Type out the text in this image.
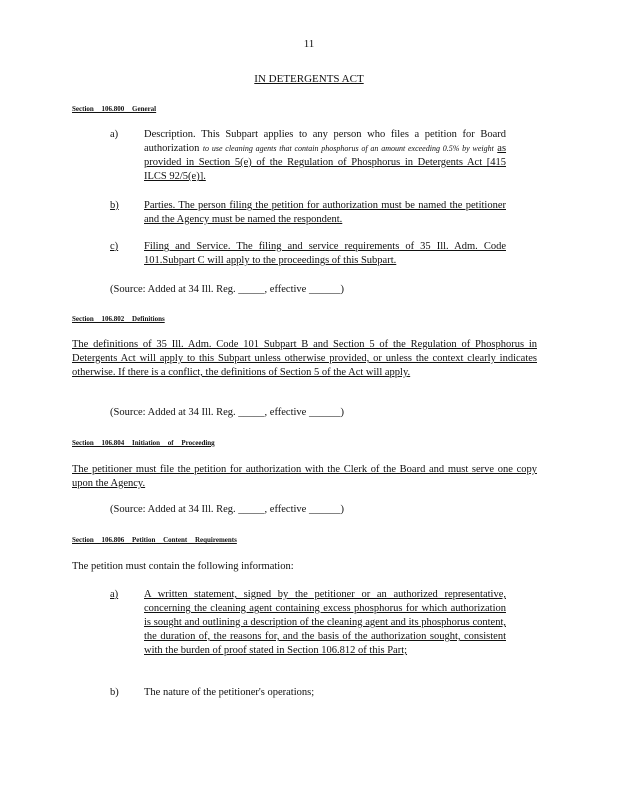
11
IN DETERGENTS ACT
Section 106.800 General
a) Description. This Subpart applies to any person who files a petition for Board authorization to use cleaning agents that contain phosphorus of an amount exceeding 0.5% by weight as provided in Section 5(e) of the Regulation of Phosphorus in Detergents Act [415 ILCS 92/5(e)].
b) Parties. The person filing the petition for authorization must be named the petitioner and the Agency must be named the respondent.
c) Filing and Service. The filing and service requirements of 35 Ill. Adm. Code 101.Subpart C will apply to the proceedings of this Subpart.
(Source: Added at 34 Ill. Reg. _____, effective ______)
Section 106.802 Definitions
The definitions of 35 Ill. Adm. Code 101 Subpart B and Section 5 of the Regulation of Phosphorus in Detergents Act will apply to this Subpart unless otherwise provided, or unless the context clearly indicates otherwise. If there is a conflict, the definitions of Section 5 of the Act will apply.
(Source: Added at 34 Ill. Reg. _____, effective ______)
Section 106.804 Initiation of Proceeding
The petitioner must file the petition for authorization with the Clerk of the Board and must serve one copy upon the Agency.
(Source: Added at 34 Ill. Reg. _____, effective ______)
Section 106.806 Petition Content Requirements
The petition must contain the following information:
a) A written statement, signed by the petitioner or an authorized representative, concerning the cleaning agent containing excess phosphorus for which authorization is sought and outlining a description of the cleaning agent and its phosphorus content, the duration of, the reasons for, and the basis of the authorization sought, consistent with the burden of proof stated in Section 106.812 of this Part;
b) The nature of the petitioner's operations;
